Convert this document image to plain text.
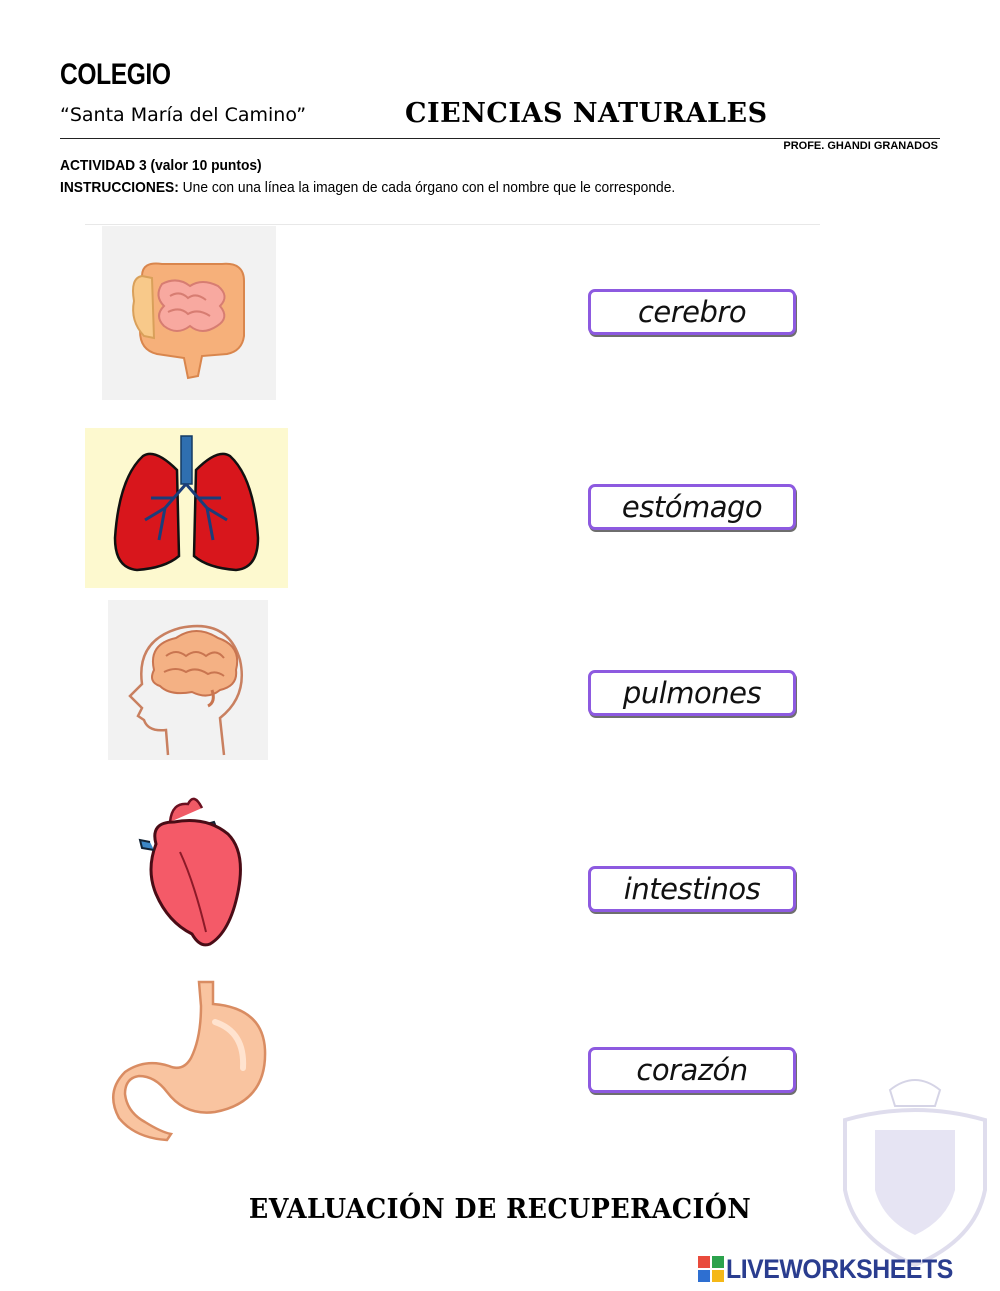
COLEGIO
“Santa María del Camino”	CIENCIAS NATURALES
PROFE. GHANDI GRANADOS
ACTIVIDAD 3 (valor 10 puntos)
INSTRUCCIONES: Une con una línea la imagen de cada órgano con el nombre que le corresponde.
cerebro
estómago
pulmones
intestinos
corazón
EVALUACIÓN DE RECUPERACIÓN
LIVEWORKSHEETS
